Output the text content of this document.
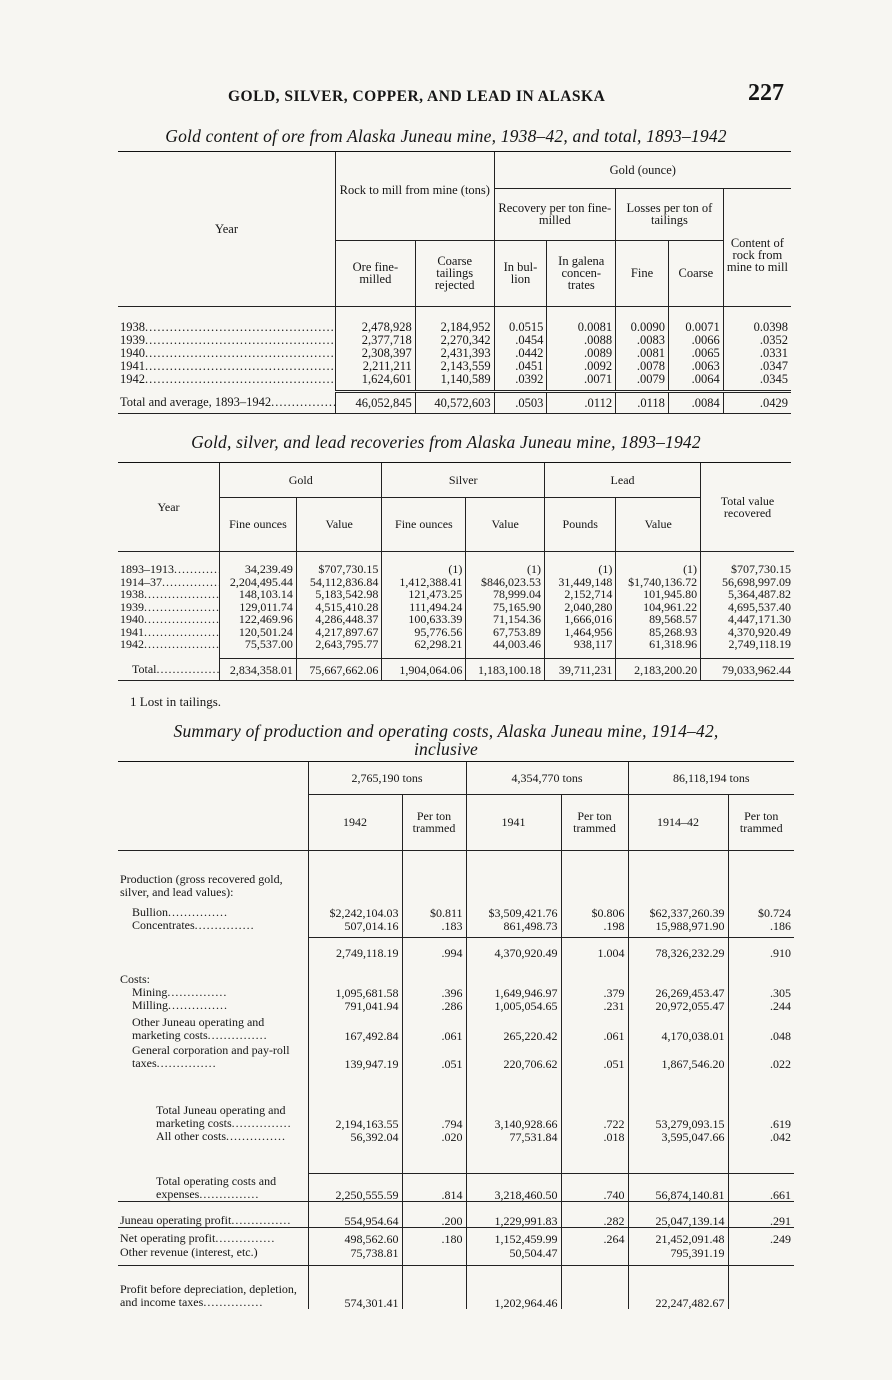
GOLD, SILVER, COPPER, AND LEAD IN ALASKA	227
Gold content of ore from Alaska Juneau mine, 1938–42, and total, 1893–1942
Year	Rock to mill from mine (tons)		Gold (ounce)				
			Recovery per ton fine-milled		Losses per ton of tailings		Content of rock from mine to mill
	Ore fine-milled	Coarse tailings rejected	In bul-lion	In galena concen-trates	Fine	Coarse	

1938 .....	2,478,928	2,184,952	0.0515	0.0081	0.0090	0.0071	0.0398
1939 .....	2,377,718	2,270,342	.0454	.0088	.0083	.0066	.0352
1940 .....	2,308,397	2,431,393	.0442	.0089	.0081	.0065	.0331
1941 .....	2,211,211	2,143,559	.0451	.0092	.0078	.0063	.0347
1942 .....	1,624,601	1,140,589	.0392	.0071	.0079	.0064	.0345

Total and average, 1893–1942 .....	46,052,845	40,572,603	.0503	.0112	.0118	.0084	.0429
Gold, silver, and lead recoveries from Alaska Juneau mine, 1893–1942
Year	Gold		Silver		Lead		Total value recovered
	Fine ounces	Value	Fine ounces	Value	Pounds	Value	

1893–1913 .....	34,239.49	$707,730.15	(1)	(1)	(1)	(1)	$707,730.15
1914–37 .....	2,204,495.44	54,112,836.84	1,412,388.41	$846,023.53	31,449,148	$1,740,136.72	56,698,997.09
1938 .....	148,103.14	5,183,542.98	121,473.25	78,999.04	2,152,714	101,945.80	5,364,487.82
1939 .....	129,011.74	4,515,410.28	111,494.24	75,165.90	2,040,280	104,961.22	4,695,537.40
1940 .....	122,469.96	4,286,448.37	100,633.39	71,154.36	1,666,016	89,568.57	4,447,171.30
1941 .....	120,501.24	4,217,897.67	95,776.56	67,753.89	1,464,956	85,268.93	4,370,920.49
1942 .....	75,537.00	2,643,795.77	62,298.21	44,003.46	938,117	61,318.96	2,749,118.19

Total .....	2,834,358.01	75,667,662.06	1,904,064.06	1,183,100.18	39,711,231	2,183,200.20	79,033,962.44
1 Lost in tailings.
Summary of production and operating costs, Alaska Juneau mine, 1914–42,
inclusive
	2,765,190 tons		4,354,770 tons		86,118,194 tons	
	1942	Per ton trammed	1941	Per ton trammed	1914–42	Per ton trammed

Production (gross recovered gold, silver, and lead values):						
Bullion.....	$2,242,104.03	$0.811	$3,509,421.76	$0.806	$62,337,260.39	$0.724
Concentrates.....	507,014.16	.183	861,498.73	.198	15,988,971.90	.186

	2,749,118.19	.994	4,370,920.49	1.004	78,326,232.29	.910

Costs:						
Mining.....	1,095,681.58	.396	1,649,946.97	.379	26,269,453.47	.305
Milling.....	791,041.94	.286	1,005,054.65	.231	20,972,055.47	.244
Other Juneau operating and marketing costs.....	167,492.84	.061	265,220.42	.061	4,170,038.01	.048
General corporation and pay-roll taxes.....	139,947.19	.051	220,706.62	.051	1,867,546.20	.022

Total Juneau operating and marketing costs.....	2,194,163.55	.794	3,140,928.66	.722	53,279,093.15	.619
All other costs.....	56,392.04	.020	77,531.84	.018	3,595,047.66	.042

Total operating costs and expenses.....	2,250,555.59	.814	3,218,460.50	.740	56,874,140.81	.661
Juneau operating profit.....	554,954.64	.200	1,229,991.83	.282	25,047,139.14	.291
Net operating profit.....	498,562.60	.180	1,152,459.99	.264	21,452,091.48	.249
Other revenue (interest, etc.)	75,738.81		50,504.47		795,391.19	

Profit before depreciation, depletion, and income taxes.....	574,301.41		1,202,964.46		22,247,482.67	
